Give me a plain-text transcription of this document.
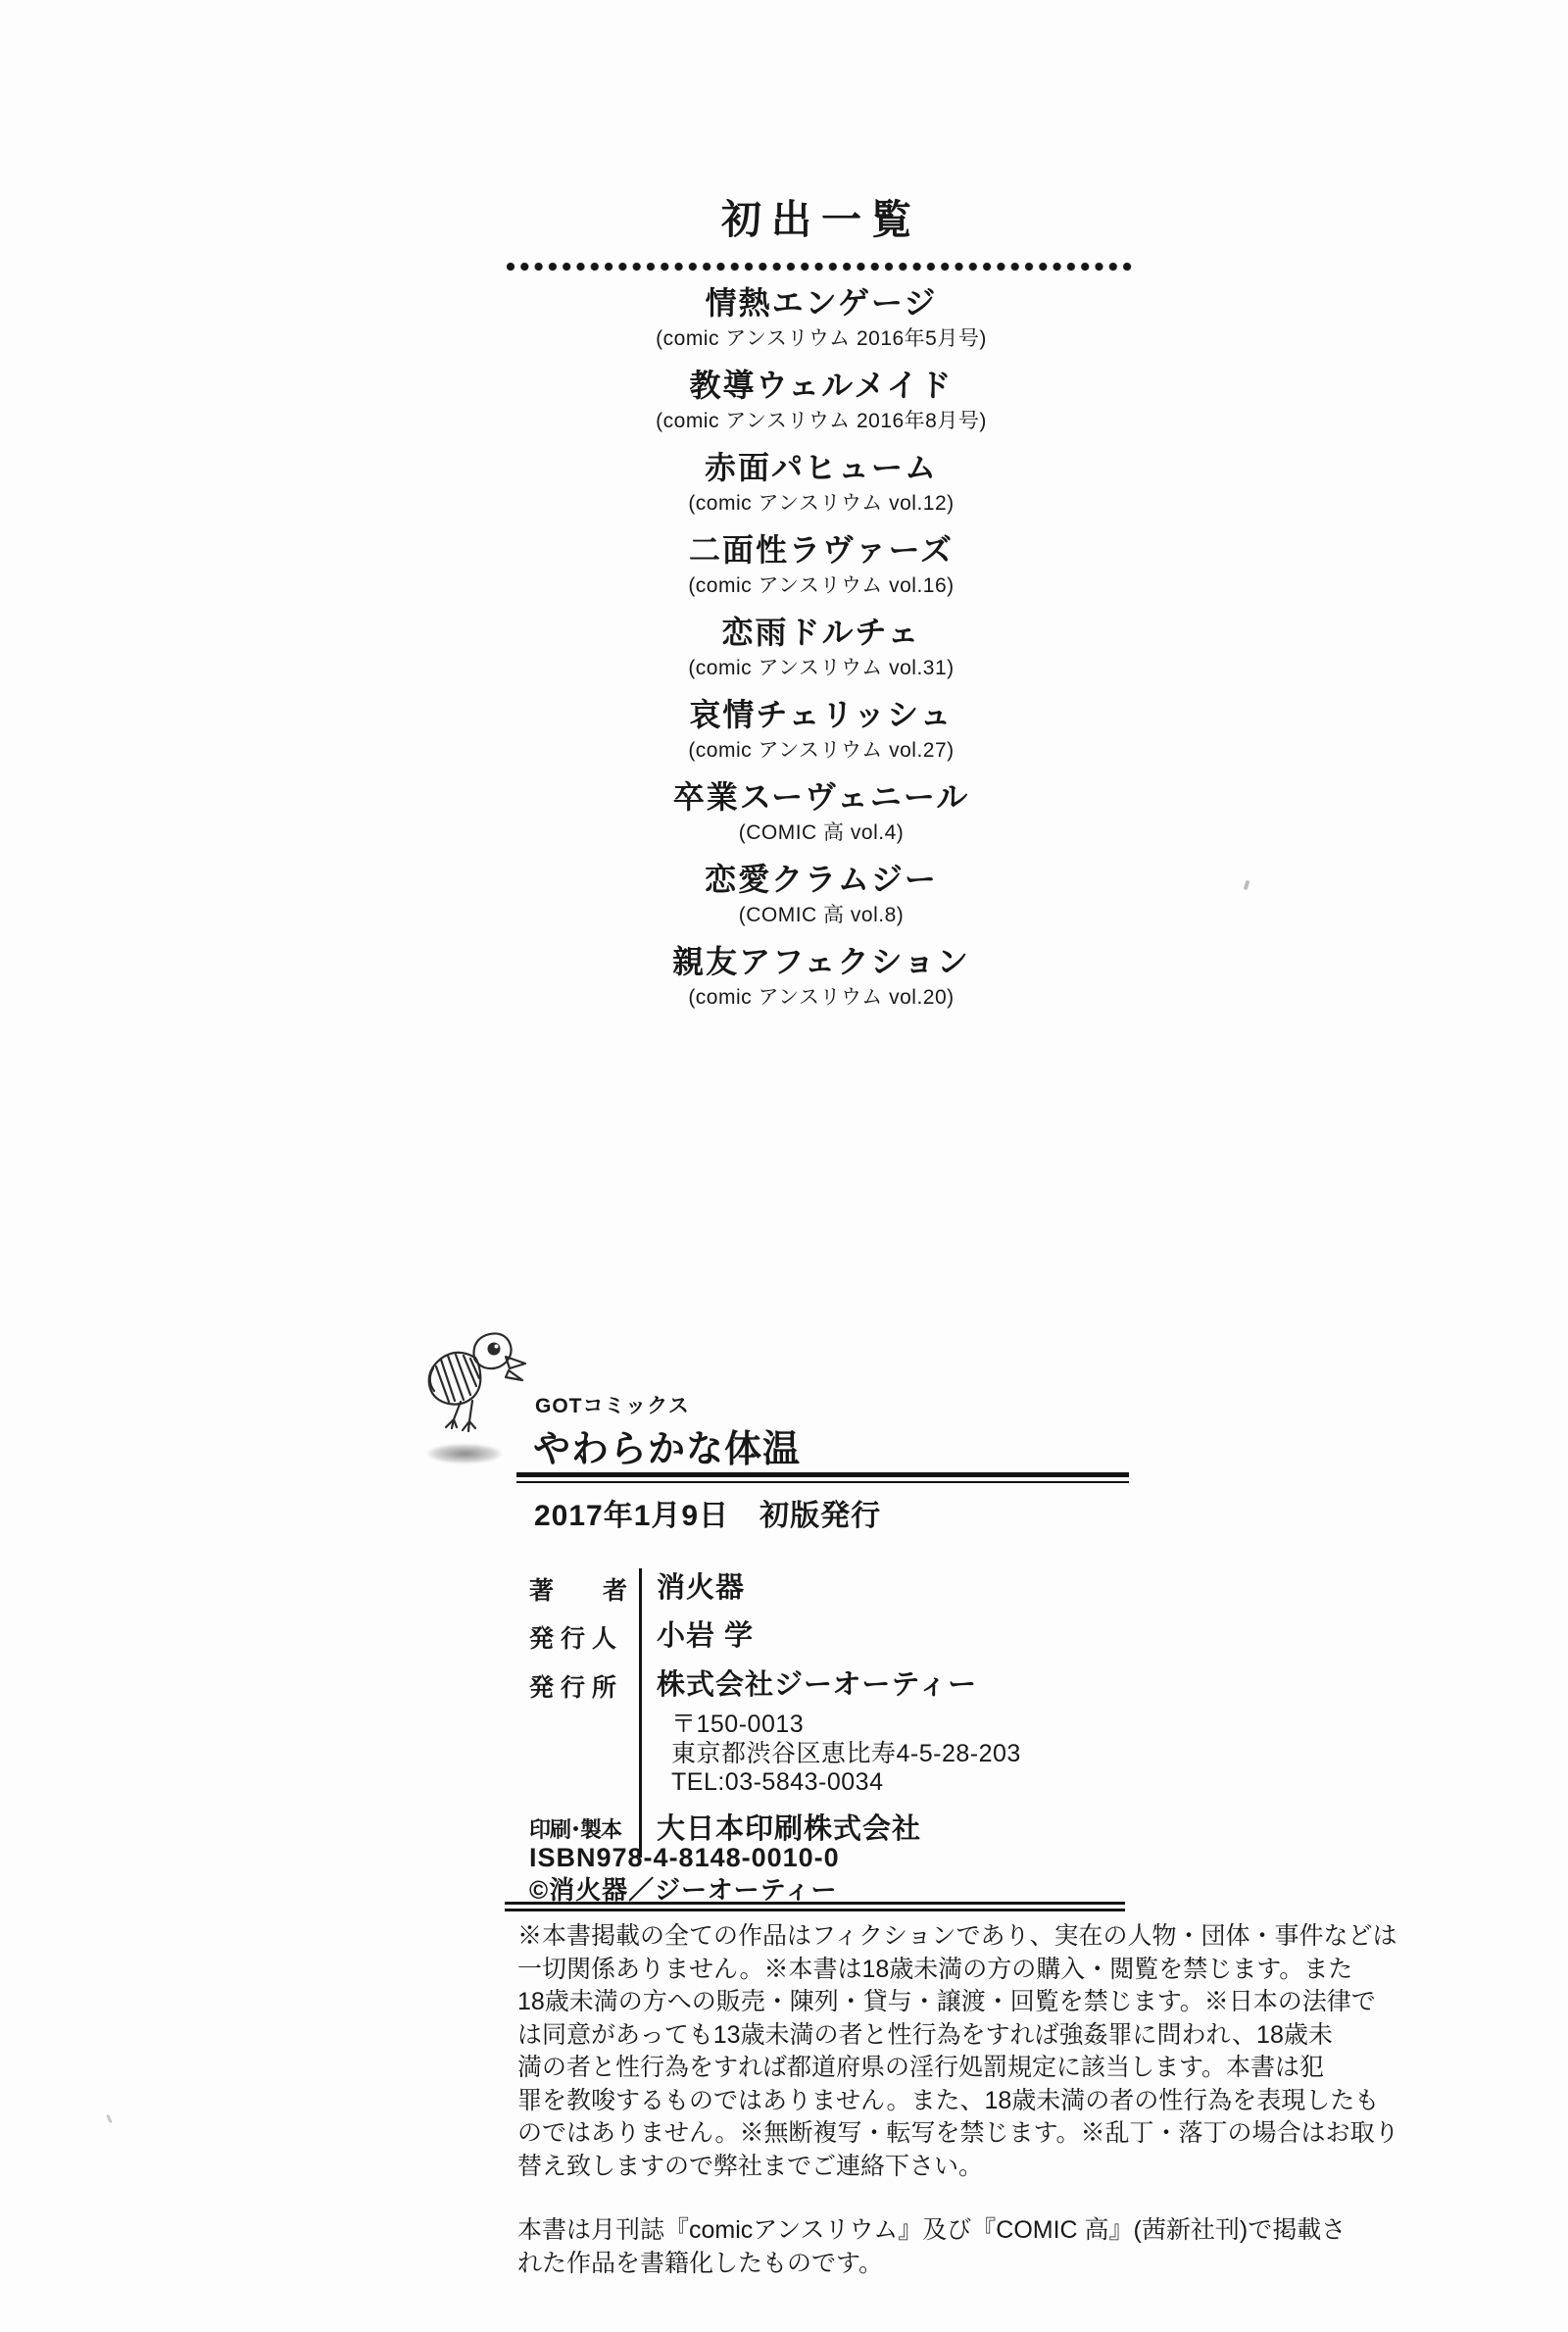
初出一覧
情熱エンゲージ
(comic アンスリウム 2016年5月号)
教導ウェルメイド
(comic アンスリウム 2016年8月号)
赤面パヒューム
(comic アンスリウム vol.12)
二面性ラヴァーズ
(comic アンスリウム vol.16)
恋雨ドルチェ
(comic アンスリウム vol.31)
哀情チェリッシュ
(comic アンスリウム vol.27)
卒業スーヴェニール
(COMIC 高 vol.4)
恋愛クラムジー
(COMIC 高 vol.8)
親友アフェクション
(comic アンスリウム vol.20)
GOTコミックス
やわらかな体温
2017年1月9日　初版発行
著　　者	消火器
発 行 人	小岩 学
発 行 所	株式会社ジーオーティー
〒150-0013
東京都渋谷区恵比寿4-5-28-203
TEL:03-5843-0034
印刷･製本	大日本印刷株式会社
ISBN978-4-8148-0010-0
©消火器／ジーオーティー
※本書掲載の全ての作品はフィクションであり、実在の人物・団体・事件などは
一切関係ありません。※本書は18歳未満の方の購入・閲覧を禁じます。また
18歳未満の方への販売・陳列・貸与・譲渡・回覧を禁じます。※日本の法律で
は同意があっても13歳未満の者と性行為をすれば強姦罪に問われ、18歳未
満の者と性行為をすれば都道府県の淫行処罰規定に該当します。本書は犯
罪を教唆するものではありません。また、18歳未満の者の性行為を表現したも
のではありません。※無断複写・転写を禁じます。※乱丁・落丁の場合はお取り
替え致しますので弊社までご連絡下さい。
本書は月刊誌『comicアンスリウム』及び『COMIC 高』(茜新社刊)で掲載さ
れた作品を書籍化したものです。
